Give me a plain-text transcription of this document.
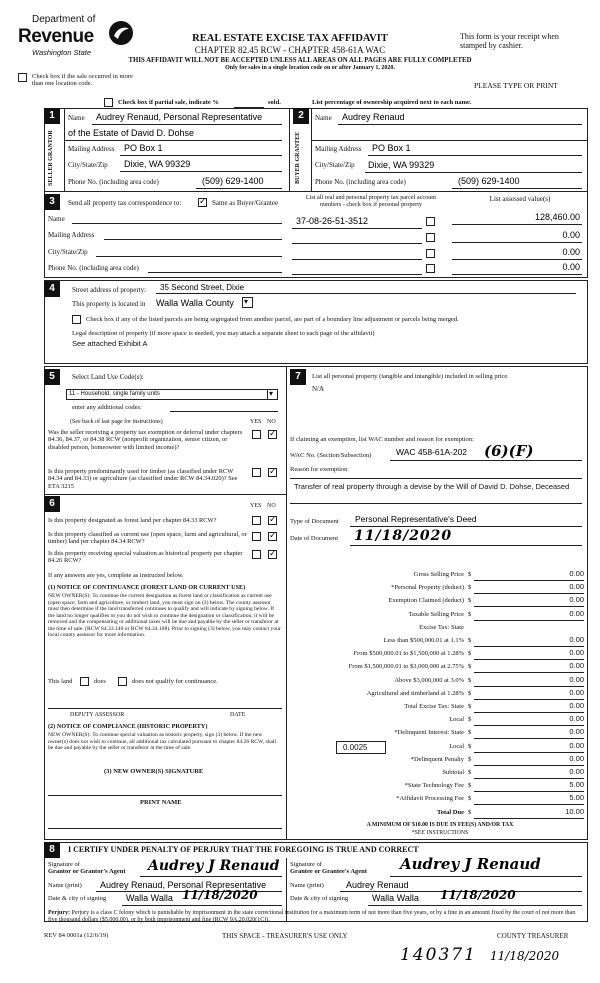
Department of
Revenue
Washington State
REAL ESTATE EXCISE TAX AFFIDAVIT
CHAPTER 82.45 RCW - CHAPTER 458-61A WAC
This form is your receipt when stamped by cashier.
THIS AFFIDAVIT WILL NOT BE ACCEPTED UNLESS ALL AREAS ON ALL PAGES ARE FULLY COMPLETED
Only for sales in a single location code on or after January 1, 2020.
Check box if the sale occurred in more than one location code.	PLEASE TYPE OR PRINT
Check box if partial sale, indicate %	sold.	List percentage of ownership acquired next to each name.
1
SELLER GRANTOR
Name Audrey Renaud, Personal Representative
of the Estate of David D. Dohse
Mailing Address PO Box 1
City/State/Zip Dixie, WA 99329
Phone No. (including area code)	(509) 629-1400
2
BUYER GRANTEE
Name Audrey Renaud
Mailing Address PO Box 1
City/State/Zip Dixie, WA 99329
Phone No. (including area code)	(509) 629-1400
3	Send all property tax correspondence to:
✓	Same as Buyer/Grantee
List all real and personal property tax parcel account numbers - check box if personal property
List assessed value(s)
Name
Mailing Address
City/State/Zip
Phone No. (including area code)
37-08-26-51-3512	128,460.00
0.00
0.00
0.00
4	Street address of property: 35 Second Street, Dixie
This property is located in Walla Walla County ▾
Check box if any of the listed parcels are being segregated from another parcel, are part of a boundary line adjustment or parcels being merged.
Legal description of property (if more space is needed, you may attach a separate sheet to each page of the affidavit)
See attached Exhibit A
5	Select Land Use Code(s):
11 - Household, single family units	▾
enter any additional codes:
(See back of last page for instructions)	YES NO
Was the seller receiving a property tax exemption or deferral under chapters 84.36, 84.37, or 84.38 RCW (nonprofit organization, senior citizen, or disabled person, homeowner with limited income)?
✓
Is this property predominantly used for timber (as classified under RCW 84.34 and 84.33) or agriculture (as classified under RCW 84.34.020)? See ETA 3215
✓
6	YES NO
Is this property designated as forest land per chapter 84.33 RCW?
✓
Is this property classified as current use (open space, farm and agricultural, or timber) land per chapter 84.34 RCW?
✓
Is this property receiving special valuation as historical property per chapter 84.26 RCW?
✓
If any answers are yes, complete as instructed below.
(1) NOTICE OF CONTINUANCE (FOREST LAND OR CURRENT USE)
NEW OWNER(S): To continue the current designation as forest land or classification as current use (open space, farm and agriculture, or timber) land, you must sign on (3) below. The county assessor must then determine if the land transferred continues to qualify and will indicate by signing below. If the land no longer qualifies or you do not wish to continue the designation or classification, it will be removed and the compensating or additional taxes will be due and payable by the seller or transferor at the time of sale. (RCW 84.33.140 or RCW 84.34.108). Prior to signing (3) below, you may contact your local county assessor for more information.
This land	does	does not qualify for continuance.
DEPUTY ASSESSOR	DATE
(2) NOTICE OF COMPLIANCE (HISTORIC PROPERTY)
NEW OWNER(S): To continue special valuation as historic property, sign (3) below. If the new owner(s) does not wish to continue, all additional tax calculated pursuant to chapter 84.26 RCW, shall be due and payable by the seller or transferor at the time of sale.
(3) NEW OWNER(S) SIGNATURE
PRINT NAME
7	List all personal property (tangible and intangible) included in selling price.
N/A
If claiming an exemption, list WAC number and reason for exemption:
WAC No. (Section/Subsection)	WAC 458-61A-202 (6)(F)
Reason for exemption
Transfer of real property through a devise by the Will of David D. Dohse, Deceased
Type of Document Personal Representative's Deed
Date of Document 11/18/2020
Gross Selling Price $	0.00
*Personal Property (deduct) $	0.00
Exemption Claimed (deduct) $	0.00
Taxable Selling Price $	0.00
Excise Tax: State
Less than $500,000.01 at 1.1% $	0.00
From $500,000.01 to $1,500,000 at 1.28% $	0.00
From $1,500,000.01 to $3,000,000 at 2.75% $	0.00
Above $3,000,000 at 3.0% $	0.00
Agricultural and timberland at 1.28% $	0.00
Total Excise Tax: State $	0.00
Local $	0.00
*Delinquent Interest: State $	0.00
Local $	0.00
*Delinquent Penalty $	0.00
Subtotal $	0.00
*State Technology Fee $	5.00
*Affidavit Processing Fee $	5.00
Total Due $	10.00
0.0025
A MINIMUM OF $10.00 IS DUE IN FEE(S) AND/OR TAX
*SEE INSTRUCTIONS
8	I CERTIFY UNDER PENALTY OF PERJURY THAT THE FOREGOING IS TRUE AND CORRECT
Signature of
Grantor or Grantor's Agent Audrey J Renaud
Name (print) Audrey Renaud, Personal Representative
Date & city of signing Walla Walla 11/18/2020
Signature of
Grantee or Grantee's Agent Audrey J Renaud
Name (print) Audrey Renaud
Date & city of signing	Walla Walla 11/18/2020
Perjury: Perjury is a class C felony which is punishable by imprisonment in the state correctional institution for a maximum term of not more than five years, or by a fine in an amount fixed by the court of not more than five thousand dollars ($5,000.00), or by both imprisonment and fine (RCW 9A.20.020(1C)).
REV 84 0001a (12/6/19)	THIS SPACE - TREASURER'S USE ONLY	COUNTY TREASURER
140371 11/18/2020
